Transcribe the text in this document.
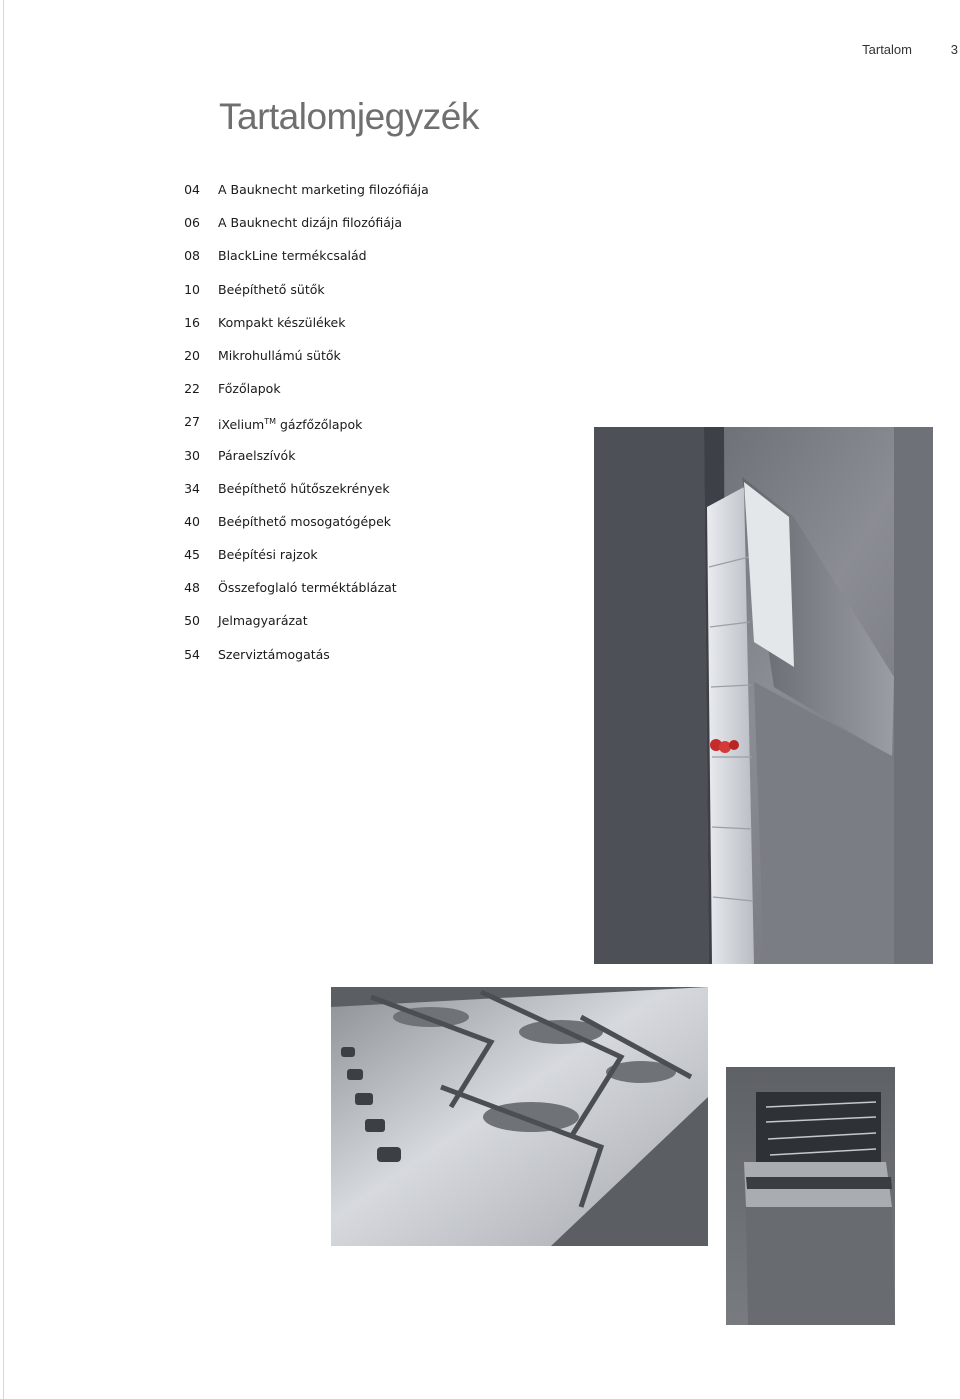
Tartalom	3
Tartalomjegyzék
04 A Bauknecht marketing filozófiája
06 A Bauknecht dizájn filozófiája
08 BlackLine termékcsalád
10 Beépíthető sütők
16 Kompakt készülékek
20 Mikrohullámú sütők
22 Főzőlapok
27 iXelium™ gázfőzőlapok
30 Páraelszívók
34 Beépíthető hűtőszekrények
40 Beépíthető mosogatógépek
45 Beépítési rajzok
48 Összefoglaló terméktáblázat
50 Jelmagyarázat
54 Szerviztámogatás
